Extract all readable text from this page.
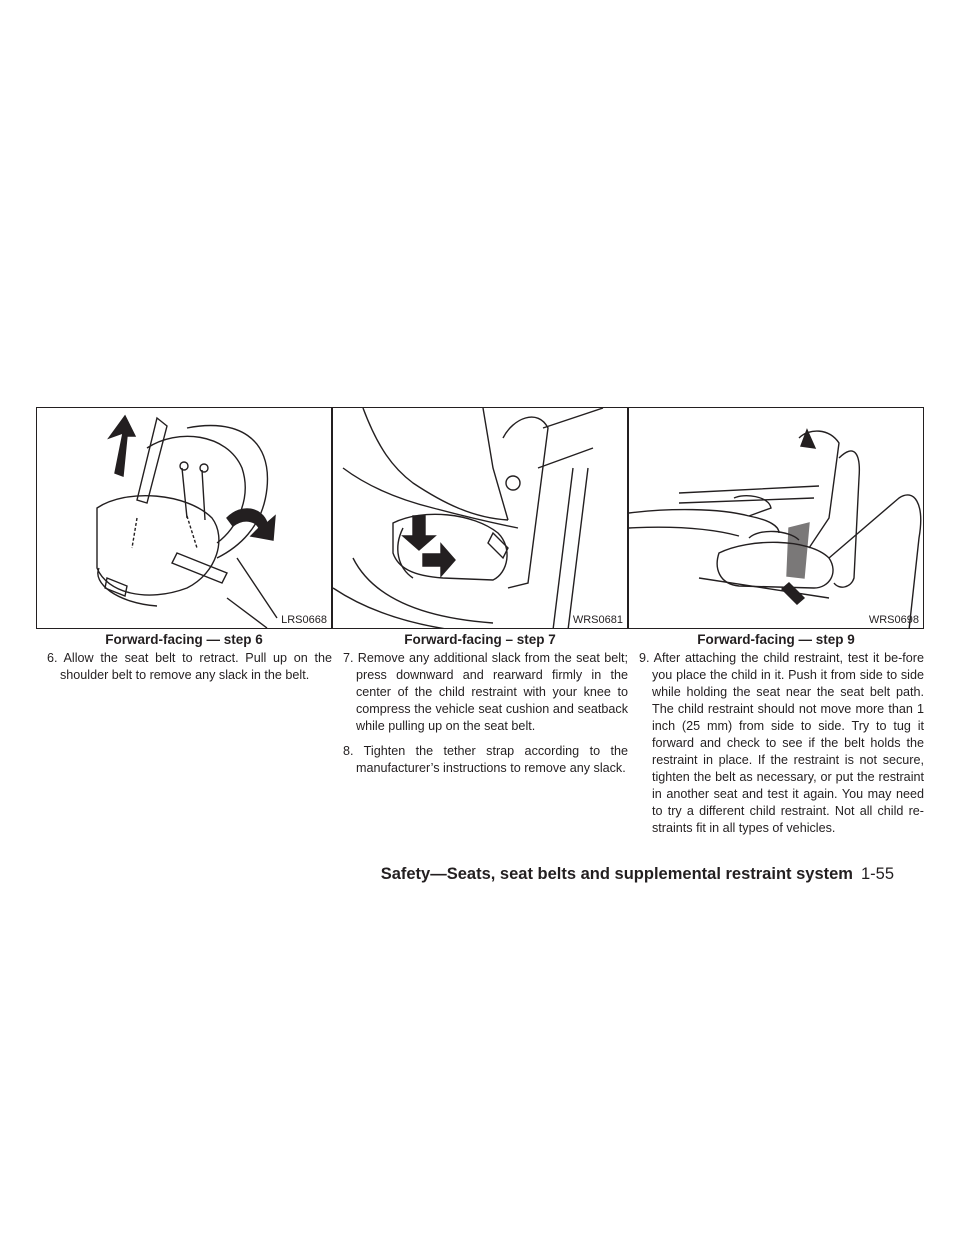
LRS0668
Forward-facing — step 6
WRS0681
Forward-facing – step 7
WRS0698
Forward-facing — step 9

6. Allow the seat belt to retract. Pull up on the shoulder belt to remove any slack in the belt.

7. Remove any additional slack from the seat belt; press downward and rearward firmly in the center of the child restraint with your knee to compress the vehicle seat cushion and seatback while pulling up on the seat belt.

8. Tighten the tether strap according to the manufacturer’s instructions to remove any slack.

9. After attaching the child restraint, test it be-fore you place the child in it. Push it from side to side while holding the seat near the seat belt path. The child restraint should not move more than 1 inch (25 mm) from side to side. Try to tug it forward and check to see if the belt holds the restraint in place. If the restraint is not secure, tighten the belt as necessary, or put the restraint in another seat and test it again. You may need to try a different child restraint. Not all child re-straints fit in all types of vehicles.

Safety—Seats, seat belts and supplemental restraint system 1-55
